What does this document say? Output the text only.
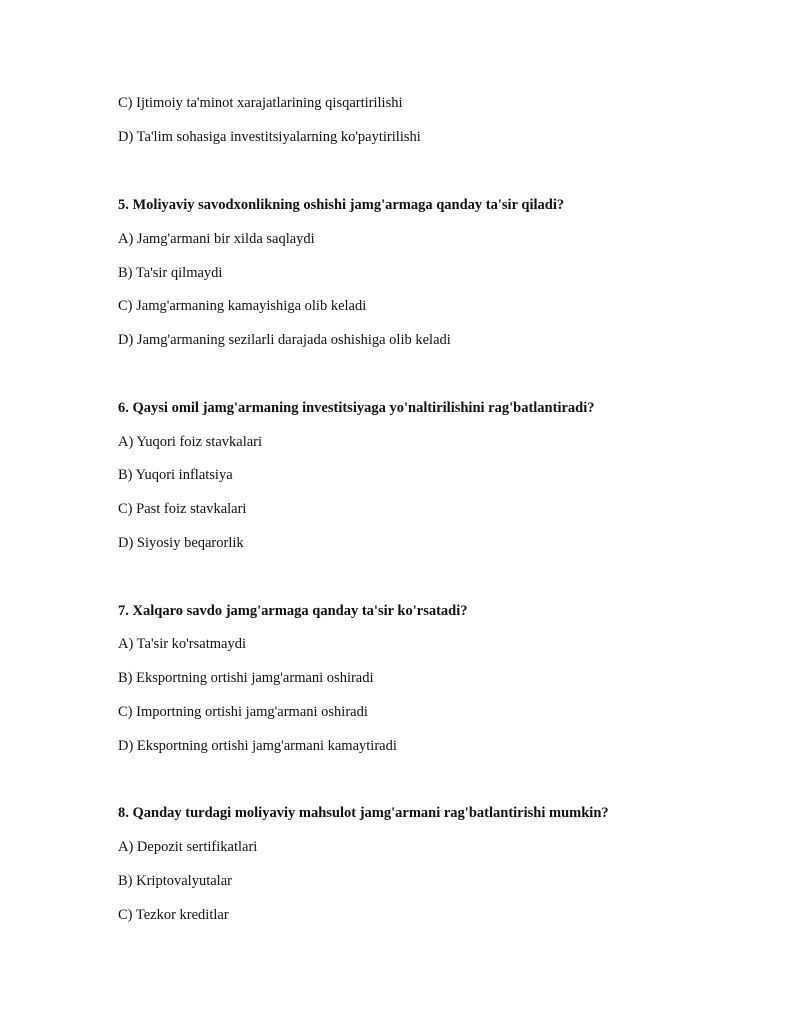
C) Ijtimoiy ta'minot xarajatlarining qisqartirilishi
D) Ta'lim sohasiga investitsiyalarning ko'paytirilishi
5. Moliyaviy savodxonlikning oshishi jamg'armaga qanday ta'sir qiladi?
A) Jamg'armani bir xilda saqlaydi
B) Ta'sir qilmaydi
C) Jamg'armaning kamayishiga olib keladi
D) Jamg'armaning sezilarli darajada oshishiga olib keladi
6. Qaysi omil jamg'armaning investitsiyaga yo'naltirilishini rag'batlantiradi?
A) Yuqori foiz stavkalari
B) Yuqori inflatsiya
C) Past foiz stavkalari
D) Siyosiy beqarorlik
7. Xalqaro savdo jamg'armaga qanday ta'sir ko'rsatadi?
A) Ta'sir ko'rsatmaydi
B) Eksportning ortishi jamg'armani oshiradi
C) Importning ortishi jamg'armani oshiradi
D) Eksportning ortishi jamg'armani kamaytiradi
8. Qanday turdagi moliyaviy mahsulot jamg'armani rag'batlantirishi mumkin?
A) Depozit sertifikatlari
B) Kriptovalyutalar
C) Tezkor kreditlar
